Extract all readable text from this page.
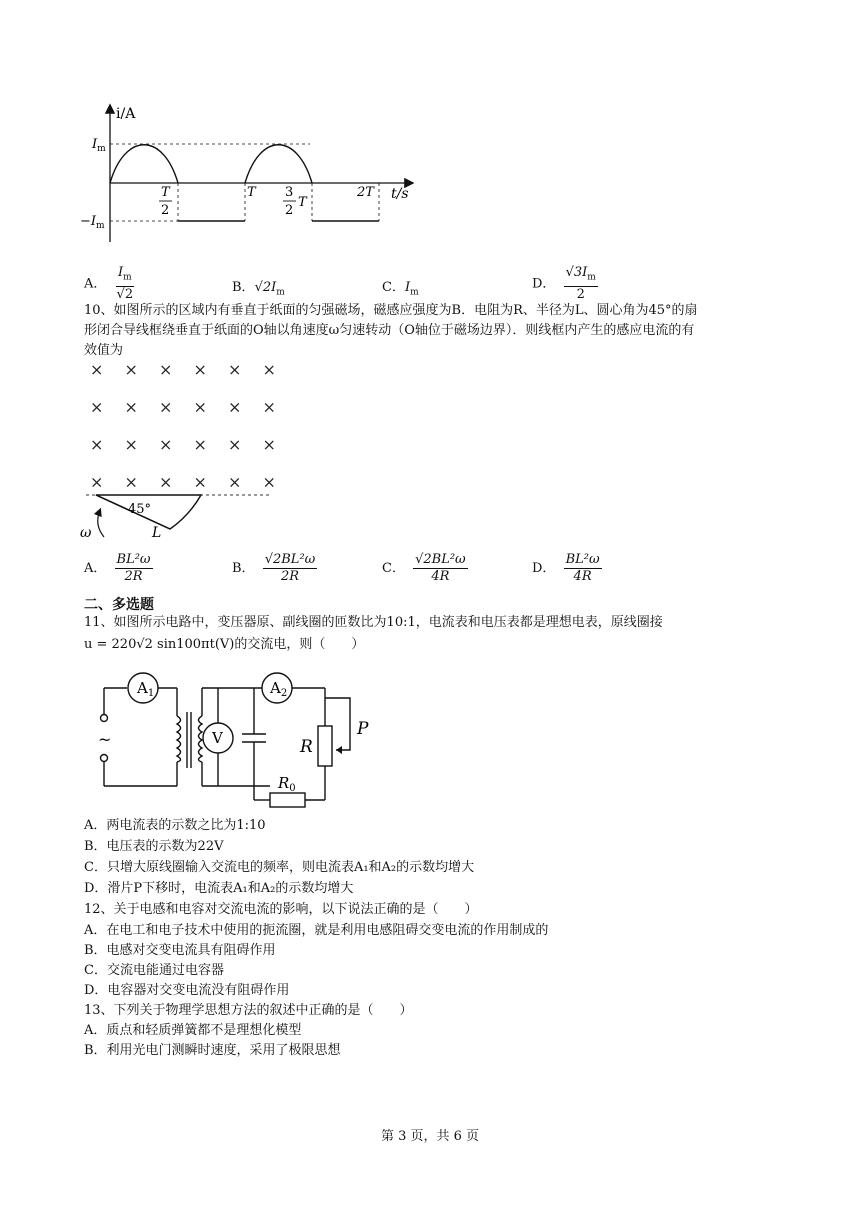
i/A
$I_m$
$-I_m$
t/s
T
2
T 3
2
T
2T
A． $\frac{I_m}{√2}$	B．$√2I_m$	C．$I_m$
D． $\frac{√3I_m}{2}$
10、如图所示的区域内有垂直于纸面的匀强磁场，磁感应强度为B．电阻为R、半径为L、圆心角为45°的扇
形闭合导线框绕垂直于纸面的O轴以角速度ω匀速转动（O轴位于磁场边界）．则线框内产生的感应电流的有
效值为
× × × × × ×
× × × × × ×
× × × × × ×
× × × × × ×
45°
L
ω
A． $\frac{\text{BL²ω}}{2R}$	B． $\frac{\text{√2BL²ω}}{2R}$	C． $\frac{\text{√2BL²ω}}{4R}$	D． $\frac{\text{BL²ω}}{4R}$
二、多选题
11、如图所示电路中，变压器原、副线圈的匝数比为10:1，电流表和电压表都是理想电表，原线圈接
u = 220√2 sin100πt(V)的交流电，则（　　）
$A_1$	$A_2$
V	R
P
$R_0$
~
A．两电流表的示数之比为1:10
B．电压表的示数为22V
C．只增大原线圈输入交流电的频率，则电流表A₁和A₂的示数均增大
D．滑片P下移时，电流表A₁和A₂的示数均增大
12、关于电感和电容对交流电流的影响，以下说法正确的是（　　）
A．在电工和电子技术中使用的扼流圈，就是利用电感阻碍交变电流的作用制成的
B．电感对交变电流具有阻碍作用
C．交流电能通过电容器
D．电容器对交变电流没有阻碍作用
13、下列关于物理学思想方法的叙述中正确的是（　　）
A．质点和轻质弹簧都不是理想化模型
B．利用光电门测瞬时速度，采用了极限思想
第 3 页，共 6 页
